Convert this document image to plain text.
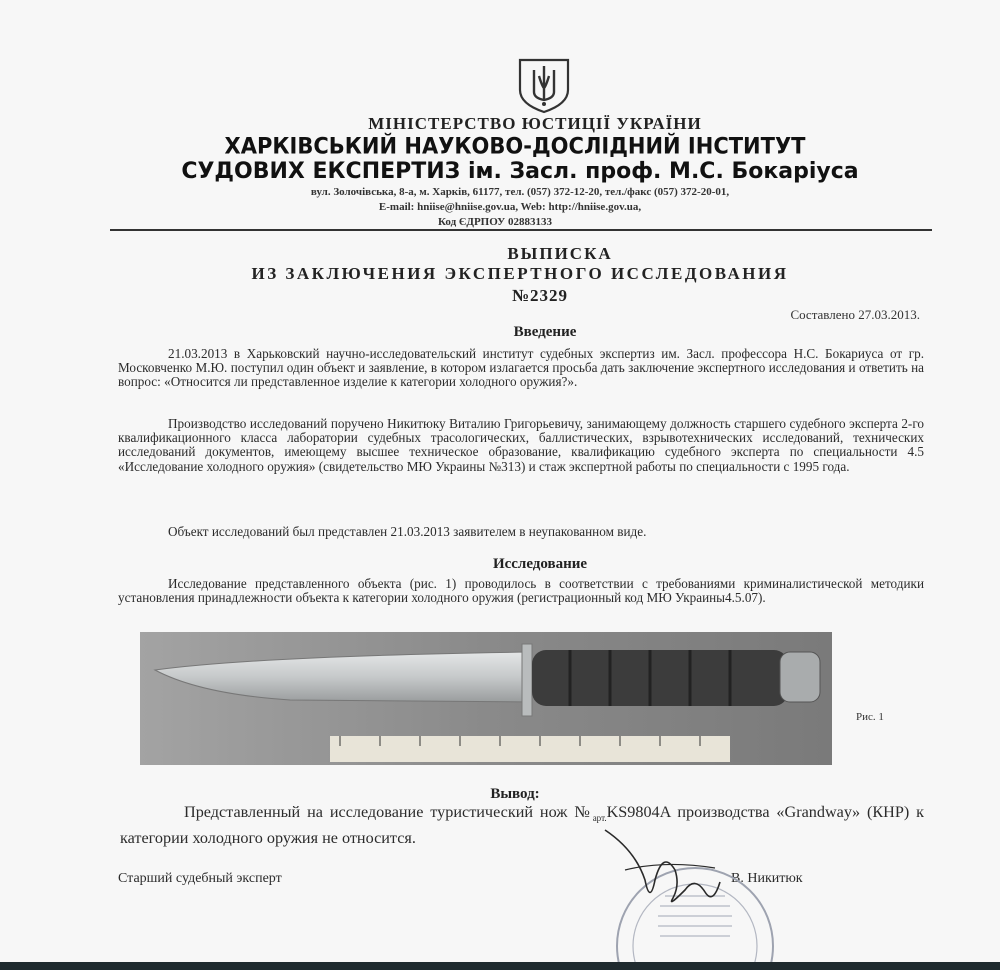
МІНІСТЕРСТВО ЮСТИЦІЇ УКРАЇНИ
ХАРКІВСЬКИЙ НАУКОВО-ДОСЛІДНИЙ ІНСТИТУТ
СУДОВИХ ЕКСПЕРТИЗ ім. Засл. проф. М.С. Бокаріуса
вул. Золочівська, 8-а, м. Харків, 61177, тел. (057) 372-12-20, тел./факс (057) 372-20-01,
E-mail: hniise@hniise.gov.ua, Web: http://hniise.gov.ua,
Код ЄДРПОУ 02883133
ВЫПИСКА
ИЗ ЗАКЛЮЧЕНИЯ ЭКСПЕРТНОГО ИССЛЕДОВАНИЯ
№2329
Составлено 27.03.2013.
Введение
21.03.2013 в Харьковский научно-исследовательский институт судебных экспертиз им. Засл. профессора Н.С. Бокариуса от гр. Московченко М.Ю. поступил один объект и заявление, в котором излагается просьба дать заключение экспертного исследования и ответить на вопрос: «Относится ли представленное изделие к категории холодного оружия?».
Производство исследований поручено Никитюку Виталию Григорьевичу, занимающему должность старшего судебного эксперта 2-го квалификационного класса лаборатории судебных трасологических, баллистических, взрывотехнических исследований, технических исследований документов, имеющему высшее техническое образование, квалификацию судебного эксперта по специальности 4.5 «Исследование холодного оружия» (свидетельство МЮ Украины №313) и стаж экспертной работы по специальности с 1995 года.
Объект исследований был представлен 21.03.2013 заявителем в неупакованном виде.
Исследование
Исследование представленного объекта (рис. 1) проводилось в соответствии с требованиями криминалистической методики установления принадлежности объекта к категории холодного оружия (регистрационный код МЮ Украины4.5.07).
Рис. 1
Вывод:
Представленный на исследование туристический нож $№_{арт.}KS9804A$ производства «Grandway» (КНР) к категории холодного оружия не относится.
Старший судебный эксперт	В. Никитюк
